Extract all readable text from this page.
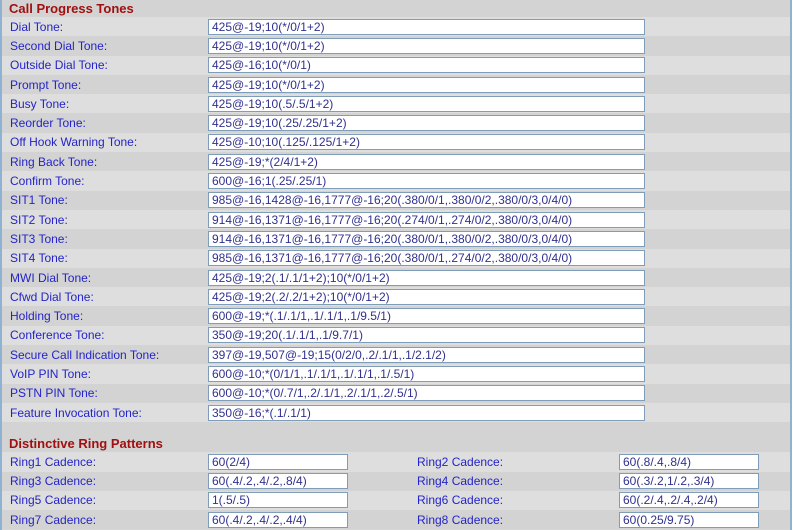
Call Progress Tones
Dial Tone:
425@-19;10(*/0/1+2)
Second Dial Tone:
425@-19;10(*/0/1+2)
Outside Dial Tone:
425@-16;10(*/0/1)
Prompt Tone:
425@-19;10(*/0/1+2)
Busy Tone:
425@-19;10(.5/.5/1+2)
Reorder Tone:
425@-19;10(.25/.25/1+2)
Off Hook Warning Tone:
425@-10;10(.125/.125/1+2)
Ring Back Tone:
425@-19;*(2/4/1+2)
Confirm Tone:
600@-16;1(.25/.25/1)
SIT1 Tone:
985@-16,1428@-16,1777@-16;20(.380/0/1,.380/0/2,.380/0/3,0/4/0)
SIT2 Tone:
914@-16,1371@-16,1777@-16;20(.274/0/1,.274/0/2,.380/0/3,0/4/0)
SIT3 Tone:
914@-16,1371@-16,1777@-16;20(.380/0/1,.380/0/2,.380/0/3,0/4/0)
SIT4 Tone:
985@-16,1371@-16,1777@-16;20(.380/0/1,.274/0/2,.380/0/3,0/4/0)
MWI Dial Tone:
425@-19;2(.1/.1/1+2);10(*/0/1+2)
Cfwd Dial Tone:
425@-19;2(.2/.2/1+2);10(*/0/1+2)
Holding Tone:
600@-19;*(.1/.1/1,.1/.1/1,.1/9.5/1)
Conference Tone:
350@-19;20(.1/.1/1,.1/9.7/1)
Secure Call Indication Tone:
397@-19,507@-19;15(0/2/0,.2/.1/1,.1/2.1/2)
VoIP PIN Tone:
600@-10;*(0/1/1,.1/.1/1,.1/.1/1,.1/.5/1)
PSTN PIN Tone:
600@-10;*(0/.7/1,.2/.1/1,.2/.1/1,.2/.5/1)
Feature Invocation Tone:
350@-16;*(.1/.1/1)
Distinctive Ring Patterns
Ring1 Cadence:
60(2/4)	Ring2 Cadence:
60(.8/.4,.8/4)
Ring3 Cadence:
60(.4/.2,.4/.2,.8/4)	Ring4 Cadence:
60(.3/.2,1/.2,.3/4)
Ring5 Cadence:
1(.5/.5)	Ring6 Cadence:
60(.2/.4,.2/.4,.2/4)
Ring7 Cadence:
60(.4/.2,.4/.2,.4/4)	Ring8 Cadence:
60(0.25/9.75)
